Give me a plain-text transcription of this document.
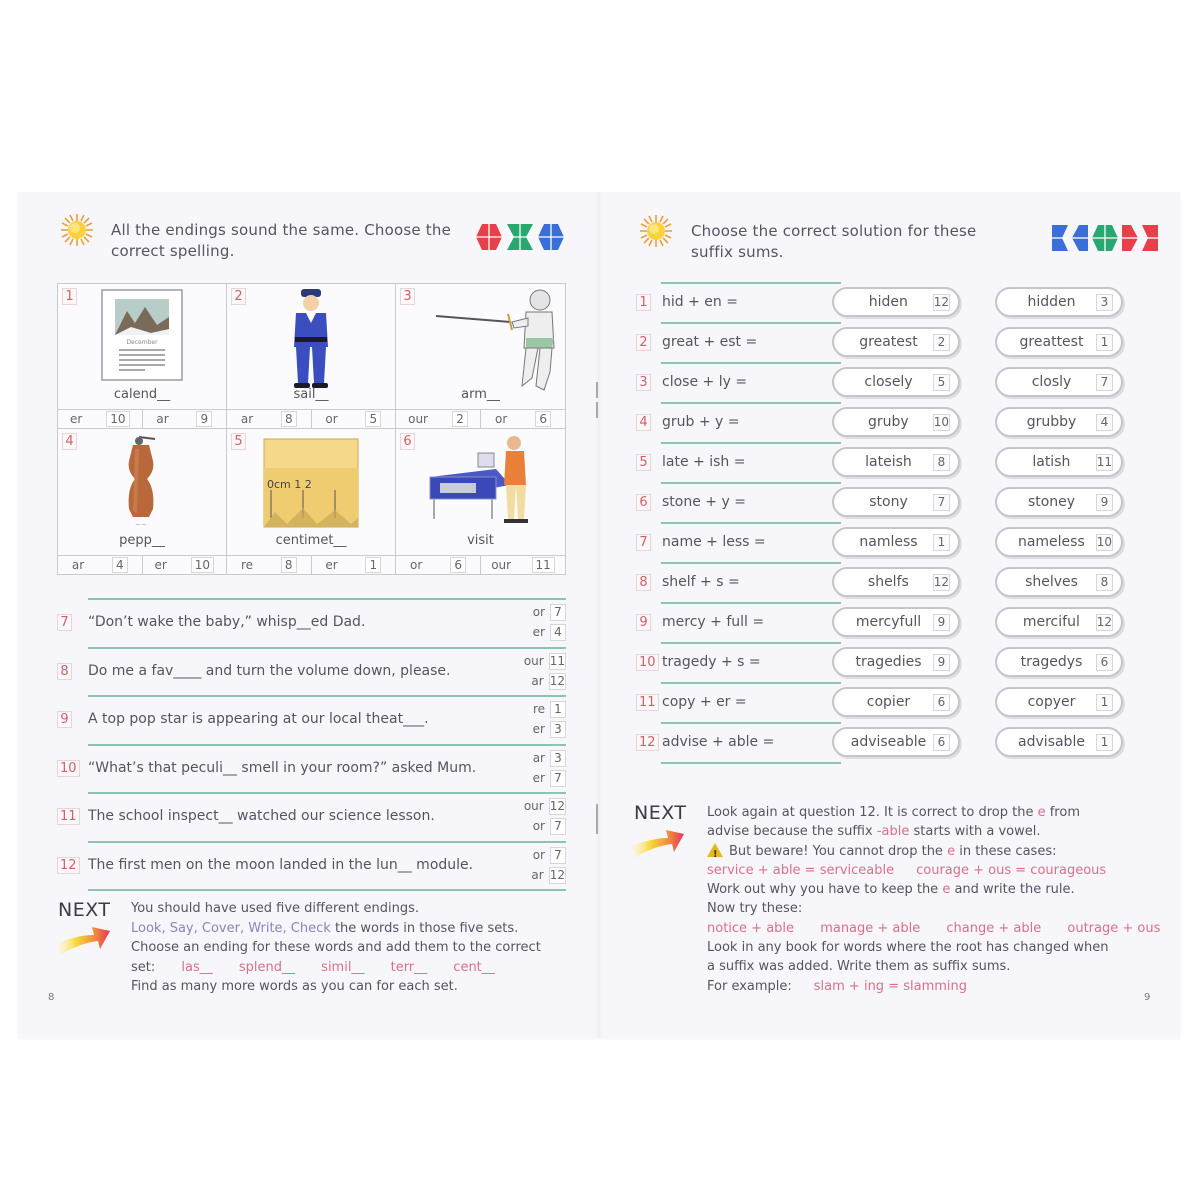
All the endings sound the same. Choose the
correct spelling.
1
December
calend__
er	10	ar	9
2
sail__
ar	8	or	5
3
arm__
our	2	or	6
4
~~
pepp__
ar	4	er	10
5
0cm 1 2
centimet__
re	8	er	1
6
visit
or	6	our	11
7 “Don’t wake the baby,” whisp__ed Dad.
or 7
er 4
8 Do me a fav____ and turn the volume down, please.
our 11
ar 12
9 A top pop star is appearing at our local theat___.
re 1
er 3
10 “What’s that peculi__ smell in your room?” asked Mum.
ar 3
er 7
11 The school inspect__ watched our science lesson.
our 12
or 7
12 The first men on the moon landed in the lun__ module.
or 7
ar 12
NEXT You should have used five different endings.
Look, Say, Cover, Write, Check the words in those five sets.
Choose an ending for these words and add them to the correct
set: las__ splend__ simil__ terr__ cent__
Find as many more words as you can for each set.
8
Choose the correct solution for these
suffix sums.
1 hid + en =	hiden	12	hidden	3
2 great + est =	greatest	2	greattest	1
3 close + ly =	closely	5	closly	7
4 grub + y =	gruby	10	grubby	4
5 late + ish =	lateish	8	latish	11
6 stone + y =	stony	7	stoney	9
7 name + less =	namless	1	nameless 10
8 shelf + s =	shelfs	12	shelves	8
9 mercy + full =	mercyfull	9	merciful	12
10 tragedy + s =	tragedies	9	tragedys	6
11 copy + er =	copier	6	copyer	1
12 advise + able =	adviseable 6	advisable	1
NEXT Look again at question 12. It is correct to drop the e from
advise because the suffix -able starts with a vowel.
!But beware! You cannot drop the e in these cases:
service + able = serviceable courage + ous = courageous
Work out why you have to keep the e and write the rule.
Now try these:
notice + able manage + able change + able outrage + ous
Look in any book for words where the root has changed when
a suffix was added. Write them as suffix sums.
For example: slam + ing = slamming
9
